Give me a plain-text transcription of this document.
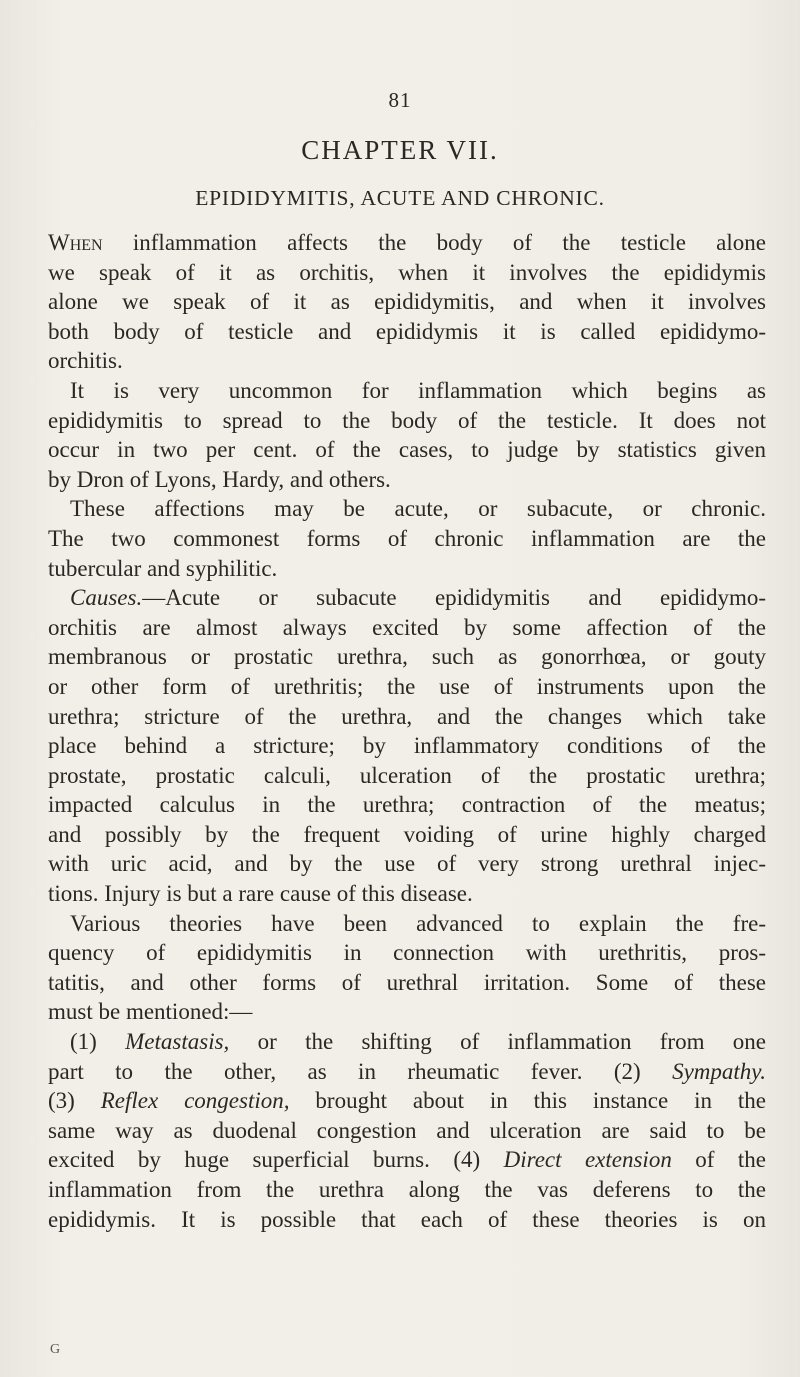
81
CHAPTER VII.
EPIDIDYMITIS, ACUTE AND CHRONIC.
When inflammation affects the body of the testicle alone
we speak of it as orchitis, when it involves the epididymis
alone we speak of it as epididymitis, and when it involves
both body of testicle and epididymis it is called epididymo-
orchitis.
It is very uncommon for inflammation which begins as
epididymitis to spread to the body of the testicle. It does not
occur in two per cent. of the cases, to judge by statistics given
by Dron of Lyons, Hardy, and others.
These affections may be acute, or subacute, or chronic.
The two commonest forms of chronic inflammation are the
tubercular and syphilitic.
Causes.—Acute or subacute epididymitis and epididymo-
orchitis are almost always excited by some affection of the
membranous or prostatic urethra, such as gonorrhœa, or gouty
or other form of urethritis; the use of instruments upon the
urethra; stricture of the urethra, and the changes which take
place behind a stricture; by inflammatory conditions of the
prostate, prostatic calculi, ulceration of the prostatic urethra;
impacted calculus in the urethra; contraction of the meatus;
and possibly by the frequent voiding of urine highly charged
with uric acid, and by the use of very strong urethral injec-
tions. Injury is but a rare cause of this disease.
Various theories have been advanced to explain the fre-
quency of epididymitis in connection with urethritis, pros-
tatitis, and other forms of urethral irritation. Some of these
must be mentioned:—
(1) Metastasis, or the shifting of inflammation from one
part to the other, as in rheumatic fever. (2) Sympathy.
(3) Reflex congestion, brought about in this instance in the
same way as duodenal congestion and ulceration are said to be
excited by huge superficial burns. (4) Direct extension of the
inflammation from the urethra along the vas deferens to the
epididymis. It is possible that each of these theories is on
G
